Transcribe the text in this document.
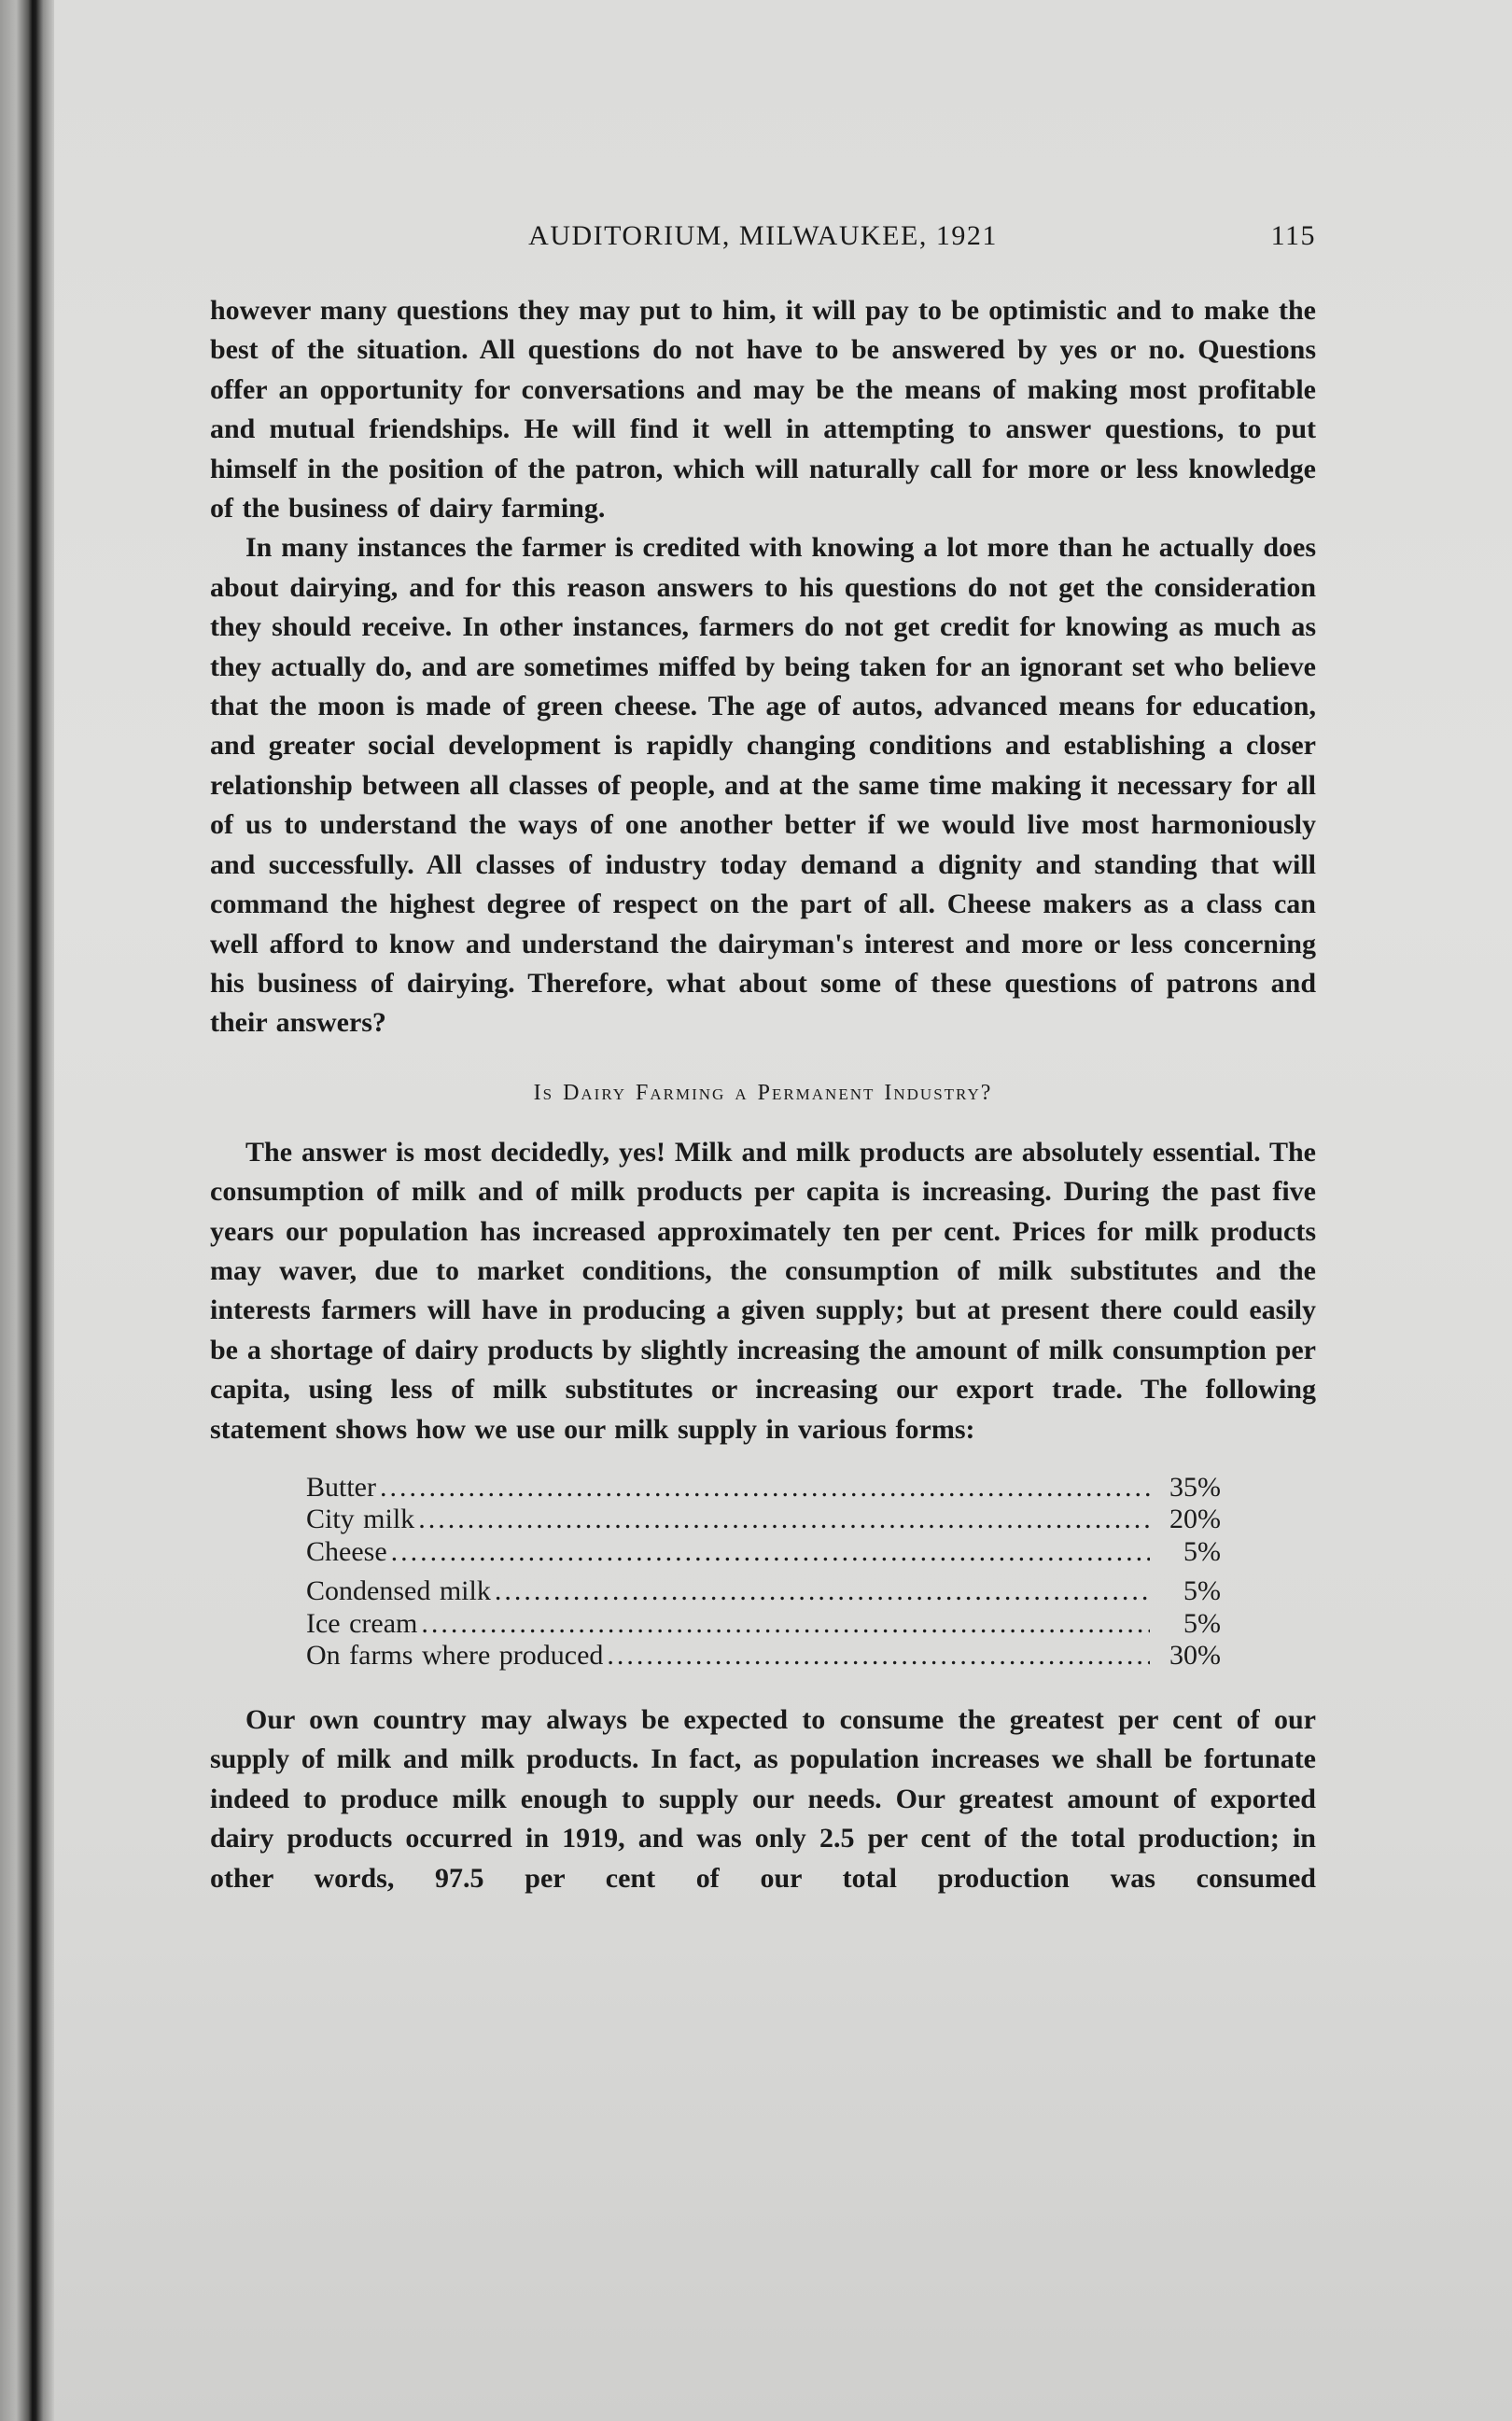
AUDITORIUM, MILWAUKEE, 1921	115

however many questions they may put to him, it will pay to be optimistic and to make the best of the situation. All questions do not have to be answered by yes or no. Questions offer an opportunity for conversations and may be the means of making most profitable and mutual friendships. He will find it well in attempting to answer questions, to put himself in the position of the patron, which will naturally call for more or less knowledge of the business of dairy farming.

In many instances the farmer is credited with knowing a lot more than he actually does about dairying, and for this reason answers to his questions do not get the consideration they should receive. In other instances, farmers do not get credit for knowing as much as they actually do, and are sometimes miffed by being taken for an ignorant set who believe that the moon is made of green cheese. The age of autos, advanced means for education, and greater social development is rapidly changing conditions and establishing a closer relationship between all classes of people, and at the same time making it necessary for all of us to understand the ways of one another better if we would live most harmoniously and successfully. All classes of industry today demand a dignity and standing that will command the highest degree of respect on the part of all. Cheese makers as a class can well afford to know and understand the dairyman's interest and more or less concerning his business of dairying. Therefore, what about some of these questions of patrons and their answers?

Is Dairy Farming a Permanent Industry?

The answer is most decidedly, yes! Milk and milk products are absolutely essential. The consumption of milk and of milk products per capita is increasing. During the past five years our population has increased approximately ten per cent. Prices for milk products may waver, due to market conditions, the consumption of milk substitutes and the interests farmers will have in producing a given supply; but at present there could easily be a shortage of dairy products by slightly increasing the amount of milk consumption per capita, using less of milk substitutes or increasing our export trade. The following statement shows how we use our milk supply in various forms:

Butter .....	35%
City milk .....	20%
Cheese .....	5%
Condensed milk .....	5%
Ice cream .....	5%
On farms where produced .....	30%

Our own country may always be expected to consume the greatest per cent of our supply of milk and milk products. In fact, as population increases we shall be fortunate indeed to produce milk enough to supply our needs. Our greatest amount of exported dairy products occurred in 1919, and was only 2.5 per cent of the total production; in other words, 97.5 per cent of our total production was consumed
